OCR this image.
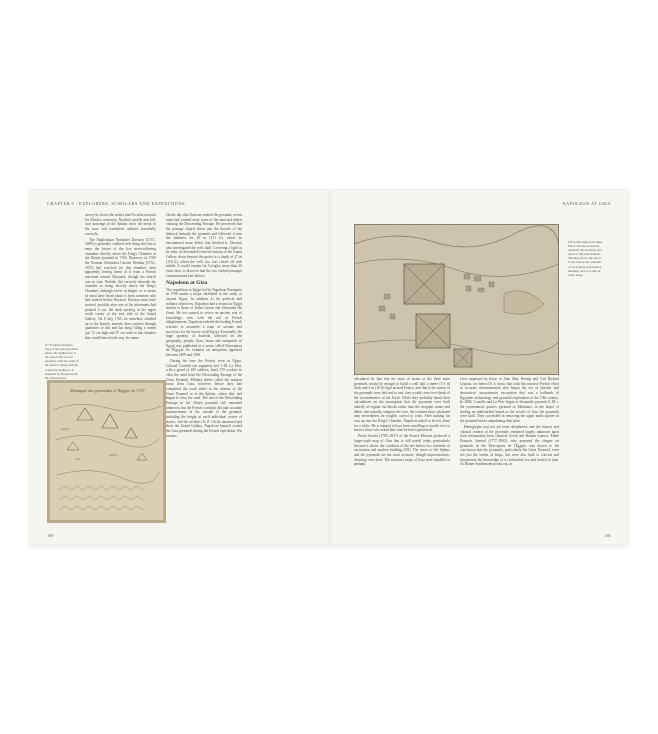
CHAPTER 9 / EXPLORERS, SCHOLARS AND EXPEDITIONS
9.7 Frederik Norden's map of the Giza pyramids shows the Sphinx just to the east of the second pyramid, with the wells of the nearby village and the causeway leading to it, sketched by Norden from the Giza plateau.

survey he shows the arches that Pococke mistook for Khufu's causeway. Norden's profile and full-face drawings of the Sphinx show the break of the nose and weathered outlines essentially correctly.

The Englishman Nathaniel Davison (1737–1809) is generally credited with being the first to enter the lowest of the five stress-relieving chambers directly above the King's Chamber in the Khufu pyramid in 1765. However, in 1760 the German Orientalist Carsten Niebuhr (1733–1815) had searched for this chamber, after apparently having learnt of it from a French merchant named Maynard, though his search was in vain. Niebuhr did correctly describe the chamber as being directly above the King's Chamber, although lower in height, so it seems he must have heard about it from someone who had entered before Davison. Davison must have noticed, possibly after one of his informants had pointed it out, the dark opening in the upper south corner of the east side of the Grand Gallery. On 8 July 1765, he somehow climbed up to the breach, entered, then crawled through quantities of dirt and bat dung filling a tunnel just 72 cm high and 67 cm wide to the chamber that would henceforth carry his name.

On the day that Davison entered the pyramid, recent rains had washed away some of the sand and debris choking the Descending Passage. He perceived that the passage sloped down into the bowels of the bedrock beneath the pyramid and followed it into the darkness for 40 m (131 ft), where he encountered more debris that blocked it. Davison also investigated the well shaft. Lowering a light as he went, he descended from the bottom of the Grand Gallery down beyond the grotto to a depth of 47 m (154 ft), where the well, too, was closed off with rubble. It would remain for Caviglia, more than 50 years later, to discover that the two choked passages communicated (see below).

Napoleon at Giza

The expedition to Egypt led by Napoleon Bonaparte in 1798 marks a major threshold in the study of ancient Egypt. In addition to his political and military objectives, Napoleon had a vision for Egypt similar to those of Julius Caesar and Alexander the Great. He too wanted to revive an ancient seat of knowledge, now with the aid of French enlightenment. Napoleon ordered the leading French scholars to assemble a team of savants and surveyors for the survey of all Egypt. Eventually, the huge quantity of material collected on the geography, people, flora, fauna and antiquities of Egypt was published in a series called Description de l'Égypte. Its volumes on antiquities appeared between 1809 and 1818.

During the time the French were in Egypt, Colonel Coutelle (an engineer) and J.-M. Le Père, with a guard of 100 soldiers, hired 170 workers to clear the sand from the Descending Passage of the Great Pyramid. Military duties called the mission away from Giza, however, before they had completed the work either in the interior of the Great Pyramid or at the Sphinx, where they had begun to clear the sand. The end of the Descending Passage in the Khufu pyramid still remained unknown, but the French scientists did take accurate measurements of the outside of the pyramid, including the height of each individual course of stones, and the architect E.-F. Cécile measured and drew the Grand Gallery. Napoleon himself visited the Giza pyramids during the French expedition. His savants

Gize
Sphinx
Desert
Montagne des pyramides à l'Egypte de 1737
180
NAPOLEON AT GIZA
9.8 In this large-scale map, Pierre Jacotin accurately rendered the locations and relief of the Giza Plateau. The map shows the site as it was before the centuries of excavation and modern building, and so is still of value today.

calculated for him that the mass of stones of the three main pyramids would be enough to build a wall half a metre (1.6 ft) thick and 3 m (10 ft) high around France; and that if the stones of the pyramids were laid end to end, they would cover two-thirds of the circumference of the Earth. While they probably based their calculations on the assumption that the pyramids were built entirely of regular cut blocks rather than the irregular stones and debris that actually comprise the core, the volumes they calculated may nevertheless be roughly correct to scale. After making his way up into the King's Chamber, Napoleon asked to be left alone for a while. He is reputed to have been unwilling or unable ever to answer those who asked him what he had experienced.

Pierre Jacotin (1765–1827) of the French Mission produced a larger-scale map of Giza that is still useful today, particularly because it shows the condition of the site before two centuries of excavation and modern building (9.8). The views of the Sphinx and the pyramids are the most accurate, though impressionistic, drawings ever done. The mission's maps of Giza were equalled or perhaps

even surpassed by those of John Shae Perring and Carl Richard Lepsius, see below) It is ironic that with this massive French effort at accurate documentation also began the era of plunder and destructive, unsystematic excavation that was a hallmark of Egyptian archaeology and pyramid exploration in the 19th century. In 1800, Coutelle and Le Père began to dismantle pyramid G III-c, the westernmost queen's pyramid of Menkaure, in the hopes of finding an undisturbed burial or the secrets of how the pyramids were built. They succeeded in removing the upper north quarter of the pyramid before abandoning their plan.

Hieroglyphs had not yet been deciphered, and the history and cultural context of the pyramids remained largely unknown apart from information from classical Greek and Roman sources. Edmé François Jomard (1777–1862), who prepared the chapter on pyramids in the Description de l'Égypte, was drawn to the conclusion that the pyramids, particularly the Great Pyramid, were not just the tombs of kings, but were also built to conceal and incorporate the knowledge of a civilization lost and buried in time. As Rainer Stadelmann points out, at

181
